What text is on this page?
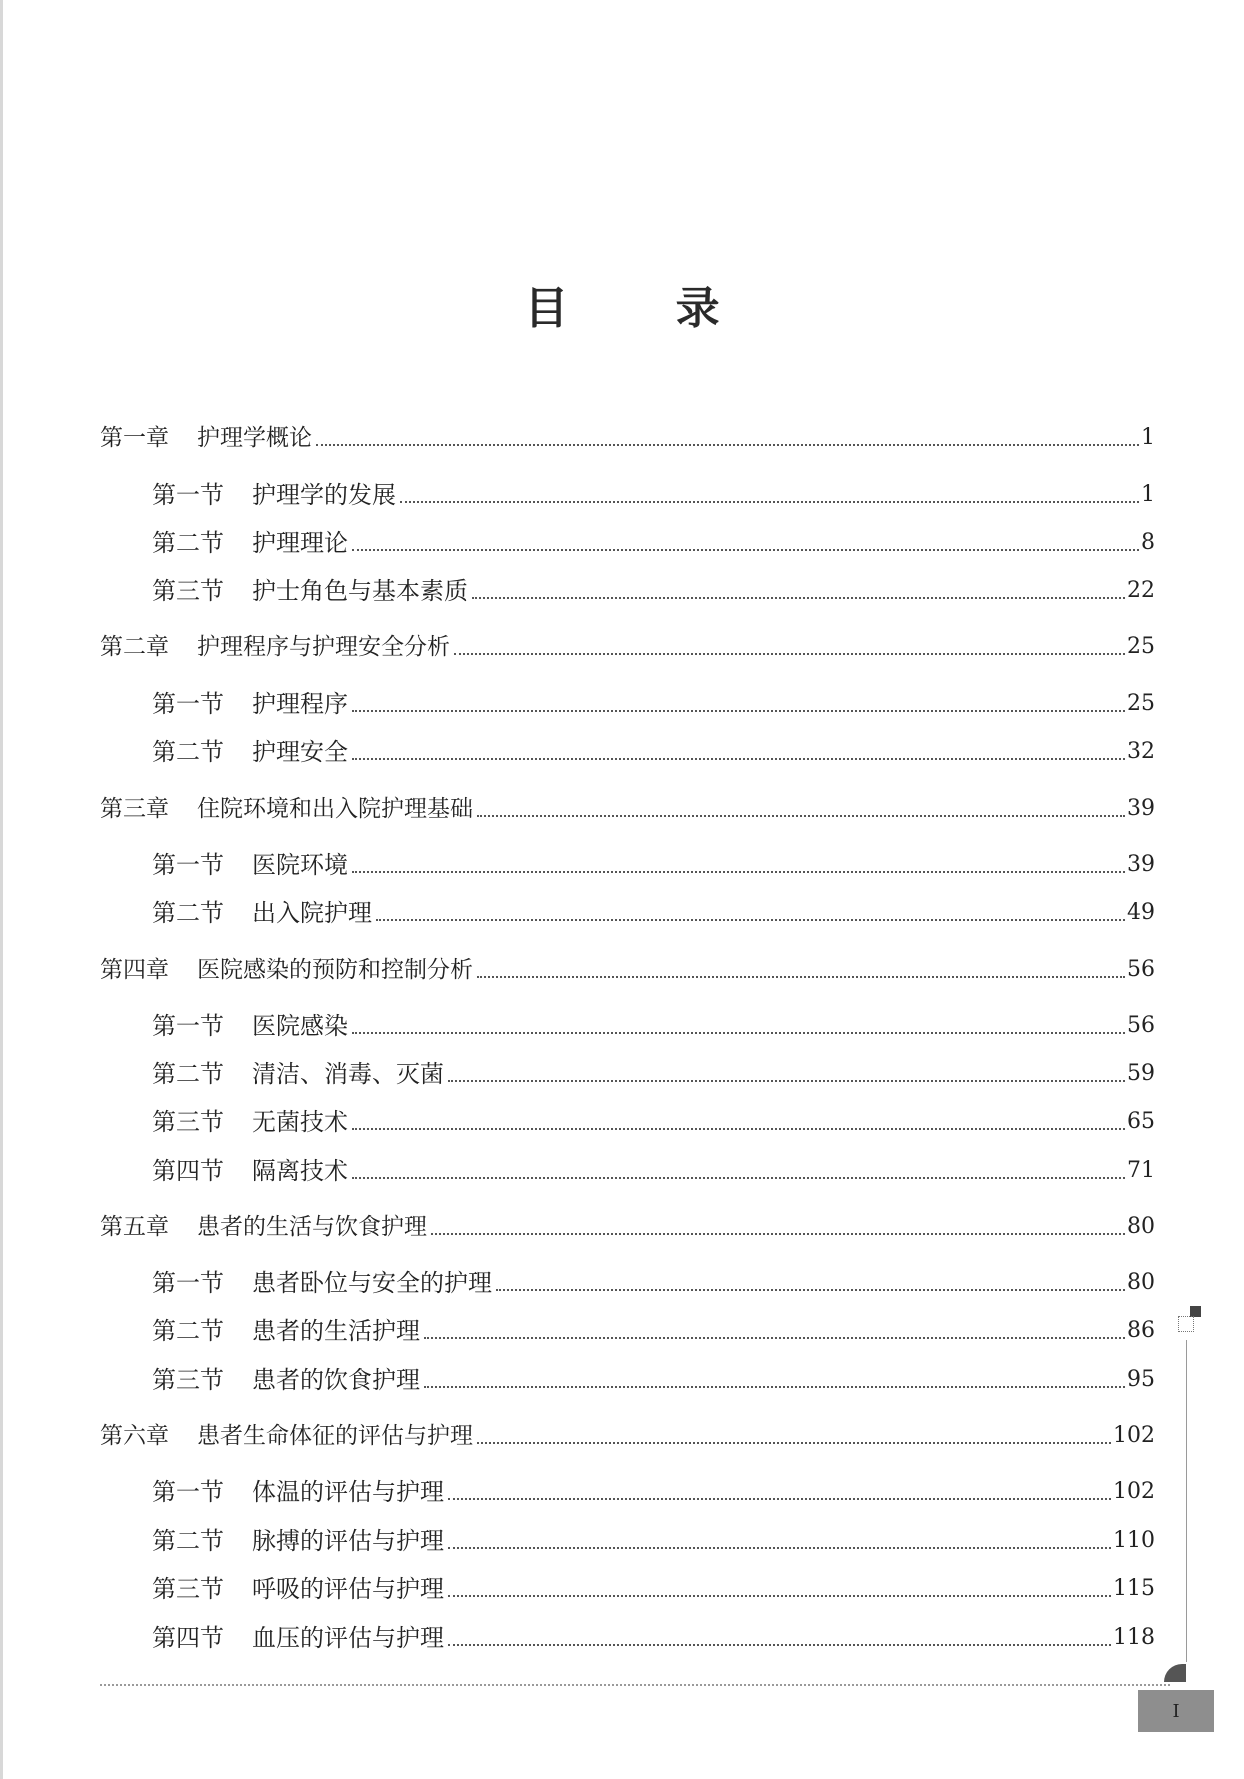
目 录
第一章 护理学概论	1
第一节 护理学的发展	1
第二节 护理理论	8
第三节 护士角色与基本素质	22
第二章 护理程序与护理安全分析	25
第一节 护理程序	25
第二节 护理安全	32
第三章 住院环境和出入院护理基础	39
第一节 医院环境	39
第二节 出入院护理	49
第四章 医院感染的预防和控制分析	56
第一节 医院感染	56
第二节 清洁、消毒、灭菌	59
第三节 无菌技术	65
第四节 隔离技术	71
第五章 患者的生活与饮食护理	80
第一节 患者卧位与安全的护理	80
第二节 患者的生活护理	86
第三节 患者的饮食护理	95
第六章 患者生命体征的评估与护理	102
第一节 体温的评估与护理	102
第二节 脉搏的评估与护理	110
第三节 呼吸的评估与护理	115
第四节 血压的评估与护理	118
I
